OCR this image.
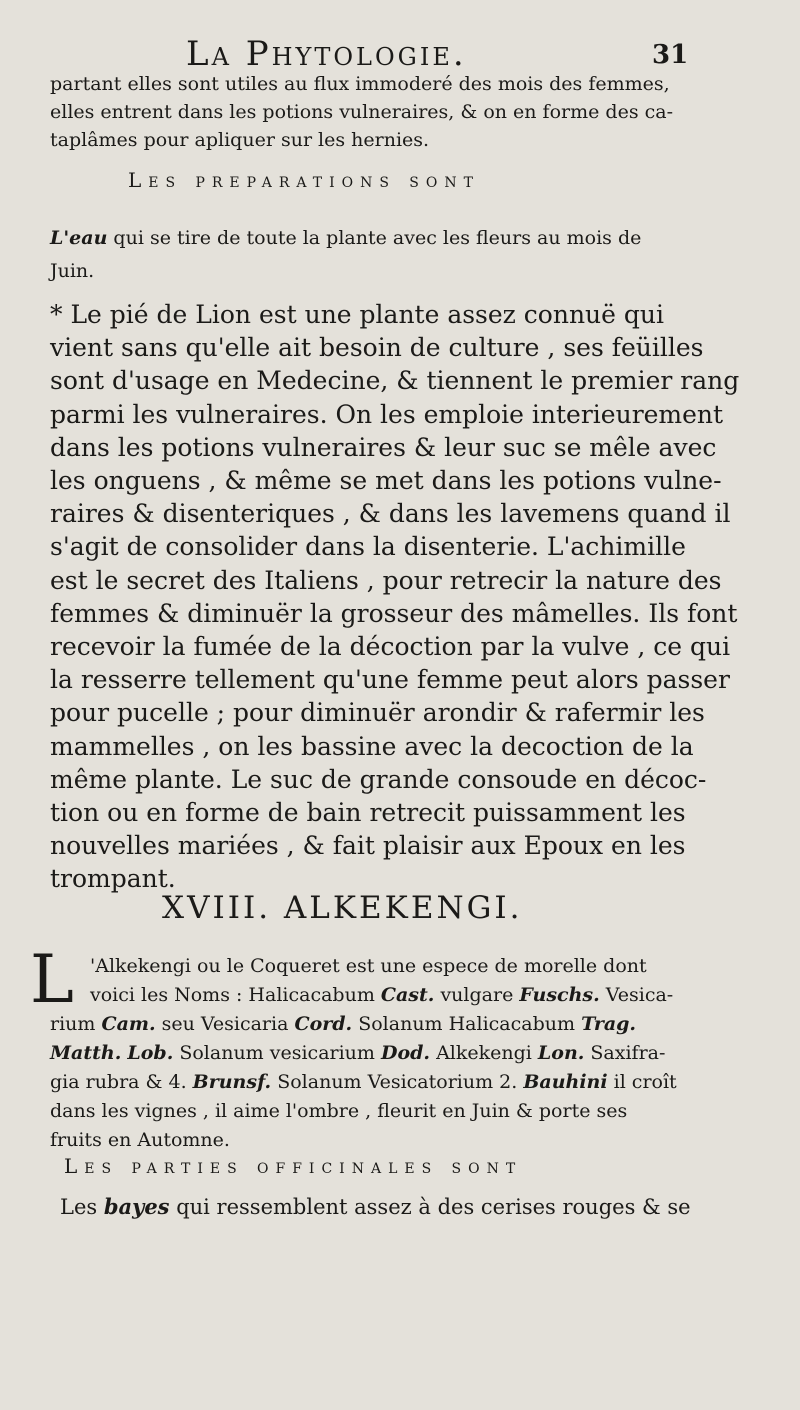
La Phytologie.	31
partant elles sont utiles au flux immoderé des mois des femmes,
elles entrent dans les potions vulneraires, & on en forme des ca-
taplâmes pour apliquer sur les hernies.
Les preparations sont
L'eau qui se tire de toute la plante avec les fleurs au mois de
Juin.
* Le pié de Lion est une plante assez connuë qui
vient sans qu'elle ait besoin de culture , ses feüilles
sont d'usage en Medecine, & tiennent le premier rang
parmi les vulneraires. On les emploie interieurement
dans les potions vulneraires & leur suc se mêle avec
les onguens , & même se met dans les potions vulne-
raires & disenteriques , & dans les lavemens quand il
s'agit de consolider dans la disenterie. L'achimille
est le secret des Italiens , pour retrecir la nature des
femmes & diminuër la grosseur des mâmelles. Ils font
recevoir la fumée de la décoction par la vulve , ce qui
la resserre tellement qu'une femme peut alors passer
pour pucelle ; pour diminuër arondir & rafermir les
mammelles , on les bassine avec la decoction de la
même plante. Le suc de grande consoude en décoc-
tion ou en forme de bain retrecit puissamment les
nouvelles mariées , & fait plaisir aux Epoux en les
trompant.
XVIII. ALKEKENGI.
L 'Alkekengi ou le Coqueret est une espece de morelle dont
voici les Noms : Halicacabum Cast. vulgare Fuschs. Vesica-
rium Cam. seu Vesicaria Cord. Solanum Halicacabum Trag.
Matth. Lob. Solanum vesicarium Dod. Alkekengi Lon. Saxifra-
gia rubra & 4. Brunsf. Solanum Vesicatorium 2. Bauhini il croît
dans les vignes , il aime l'ombre , fleurit en Juin & porte ses
fruits en Automne.
Les parties officinales sont
Les bayes qui ressemblent assez à des cerises rouges & se
